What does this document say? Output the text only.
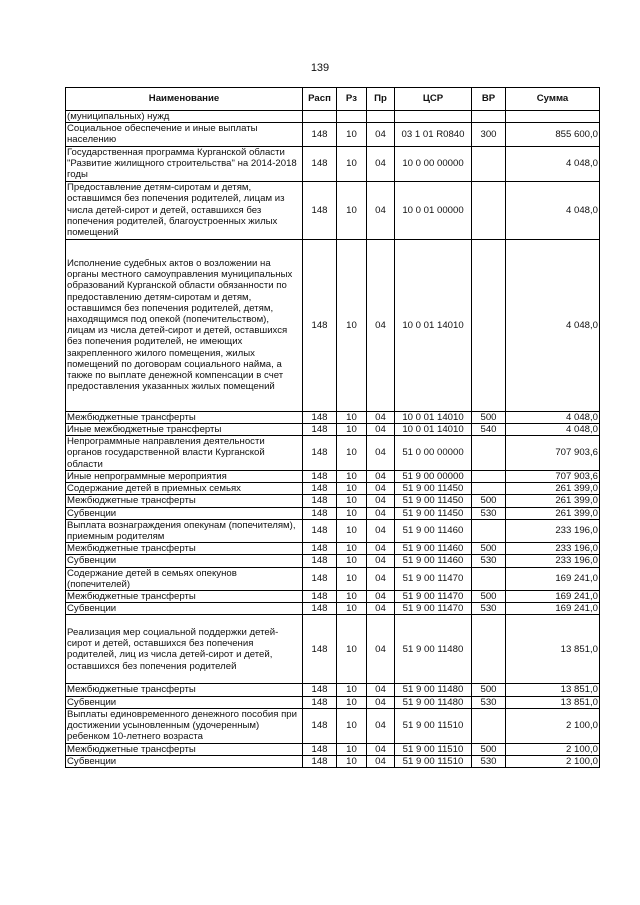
139
Наименование	Расп	Рз	Пр	ЦСР	ВР	Сумма
(муниципальных) нужд						
Социальное обеспечение и иные выплаты населению	148	10	04	03 1 01 R0840	300	855 600,0
Государственная программа Курганской области "Развитие жилищного строительства" на 2014-2018 годы	148	10	04	10 0 00 00000		4 048,0
Предоставление детям-сиротам и детям, оставшимся без попечения родителей, лицам из числа детей-сирот и детей, оставшихся без попечения родителей, благоустроенных жилых помещений	148	10	04	10 0 01 00000		4 048,0
Исполнение судебных актов о возложении на органы местного самоуправления муниципальных образований Курганской области обязанности по предоставлению детям-сиротам и детям, оставшимся без попечения родителей, детям, находящимся под опекой (попечительством), лицам из числа детей-сирот и детей, оставшихся без попечения родителей, не имеющих закрепленного жилого помещения, жилых помещений по договорам социального найма, а также по выплате денежной компенсации в счет предоставления указанных жилых помещений	148	10	04	10 0 01 14010		4 048,0
Межбюджетные трансферты	148	10	04	10 0 01 14010	500	4 048,0
Иные межбюджетные трансферты	148	10	04	10 0 01 14010	540	4 048,0
Непрограммные направления деятельности органов государственной власти Курганской области	148	10	04	51 0 00 00000		707 903,6
Иные непрограммные мероприятия	148	10	04	51 9 00 00000		707 903,6
Содержание детей в приемных семьях	148	10	04	51 9 00 11450		261 399,0
Межбюджетные трансферты	148	10	04	51 9 00 11450	500	261 399,0
Субвенции	148	10	04	51 9 00 11450	530	261 399,0
Выплата вознаграждения опекунам (попечителям), приемным родителям	148	10	04	51 9 00 11460		233 196,0
Межбюджетные трансферты	148	10	04	51 9 00 11460	500	233 196,0
Субвенции	148	10	04	51 9 00 11460	530	233 196,0
Содержание детей в семьях опекунов (попечителей)	148	10	04	51 9 00 11470		169 241,0
Межбюджетные трансферты	148	10	04	51 9 00 11470	500	169 241,0
Субвенции	148	10	04	51 9 00 11470	530	169 241,0
Реализация мер социальной поддержки детей-сирот и детей, оставшихся без попечения родителей, лиц из числа детей-сирот и детей, оставшихся без попечения родителей	148	10	04	51 9 00 11480		13 851,0
Межбюджетные трансферты	148	10	04	51 9 00 11480	500	13 851,0
Субвенции	148	10	04	51 9 00 11480	530	13 851,0
Выплаты единовременного денежного пособия при достижении усыновленным (удочеренным) ребенком 10-летнего возраста	148	10	04	51 9 00 11510		2 100,0
Межбюджетные трансферты	148	10	04	51 9 00 11510	500	2 100,0
Субвенции	148	10	04	51 9 00 11510	530	2 100,0
